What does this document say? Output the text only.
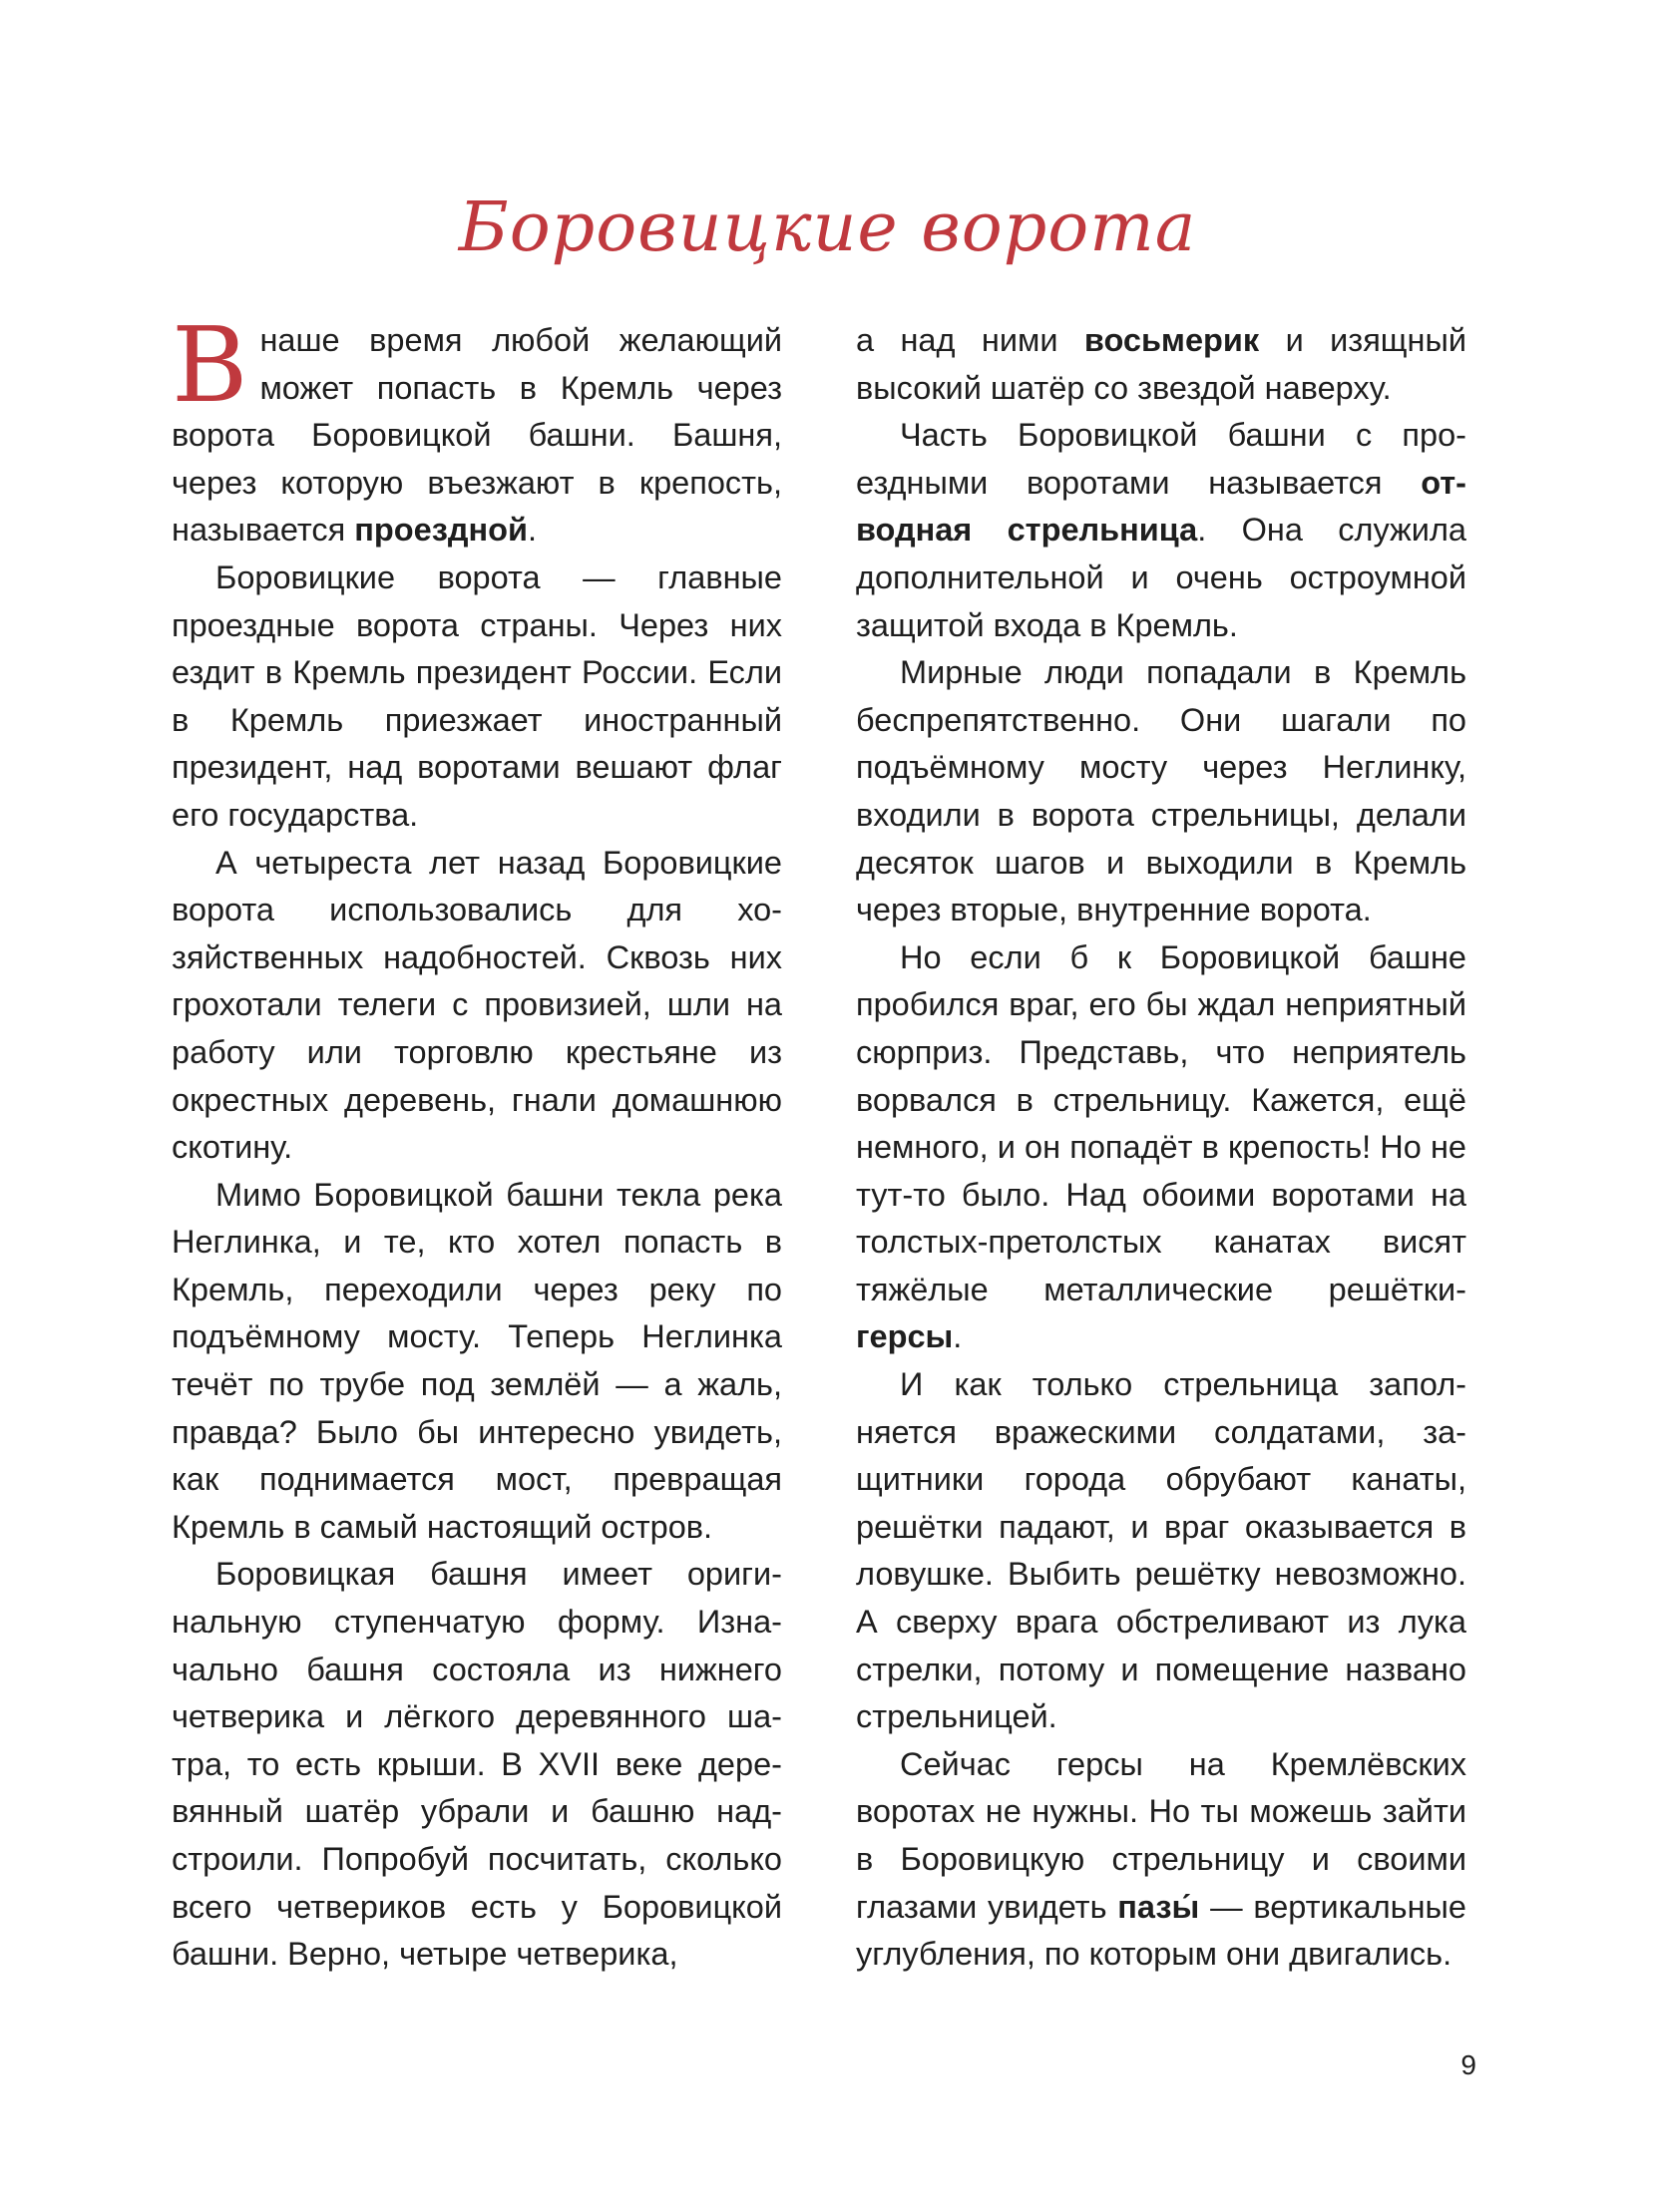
Боровицкие ворота

В наше время любой желающий может попасть в Кремль через ворота Боровицкой башни. Башня, через которую въезжают в крепость, называется проездной.

Боровицкие ворота — главные проездные ворота страны. Через них ездит в Кремль президент России. Если в Кремль приезжает иностранный президент, над воротами вешают флаг его государства.

А четыреста лет назад Боровицкие ворота использовались для хозяйственных надобностей. Сквозь них грохотали телеги с провизией, шли на работу или торговлю крестьяне из окрестных деревень, гнали домашнюю скотину.

Мимо Боровицкой башни текла река Неглинка, и те, кто хотел попасть в Кремль, переходили через реку по подъёмному мосту. Теперь Неглинка течёт по трубе под землёй — а жаль, правда? Было бы интересно увидеть, как поднимается мост, превращая Кремль в самый настоящий остров.

Боровицкая башня имеет оригинальную ступенчатую форму. Изначально башня состояла из нижнего четверика и лёгкого деревянного шатра, то есть крыши. В XVII веке деревянный шатёр убрали и башню надстроили. Попробуй посчитать, сколько всего четвериков есть у Боровицкой башни. Верно, четыре четверика,

а над ними восьмерик и изящный высокий шатёр со звездой наверху.

Часть Боровицкой башни с проездными воротами называется отводная стрельница. Она служила дополнительной и очень остроумной защитой входа в Кремль.

Мирные люди попадали в Кремль беспрепятственно. Они шагали по подъёмному мосту через Неглинку, входили в ворота стрельницы, делали десяток шагов и выходили в Кремль через вторые, внутренние ворота.

Но если б к Боровицкой башне пробился враг, его бы ждал неприятный сюрприз. Представь, что неприятель ворвался в стрельницу. Кажется, ещё немного, и он попадёт в крепость! Но не тут-то было. Над обоими воротами на толстых-претолстых канатах висят тяжёлые металлические решётки-герсы.

И как только стрельница заполняется вражескими солдатами, защитники города обрубают канаты, решётки падают, и враг оказывается в ловушке. Выбить решётку невозможно. А сверху врага обстреливают из лука стрелки, потому и помещение названо стрельницей.

Сейчас герсы на Кремлёвских воротах не нужны. Но ты можешь зайти в Боровицкую стрельницу и своими глазами увидеть пазы́ — вертикальные углубления, по которым они двигались.

9
